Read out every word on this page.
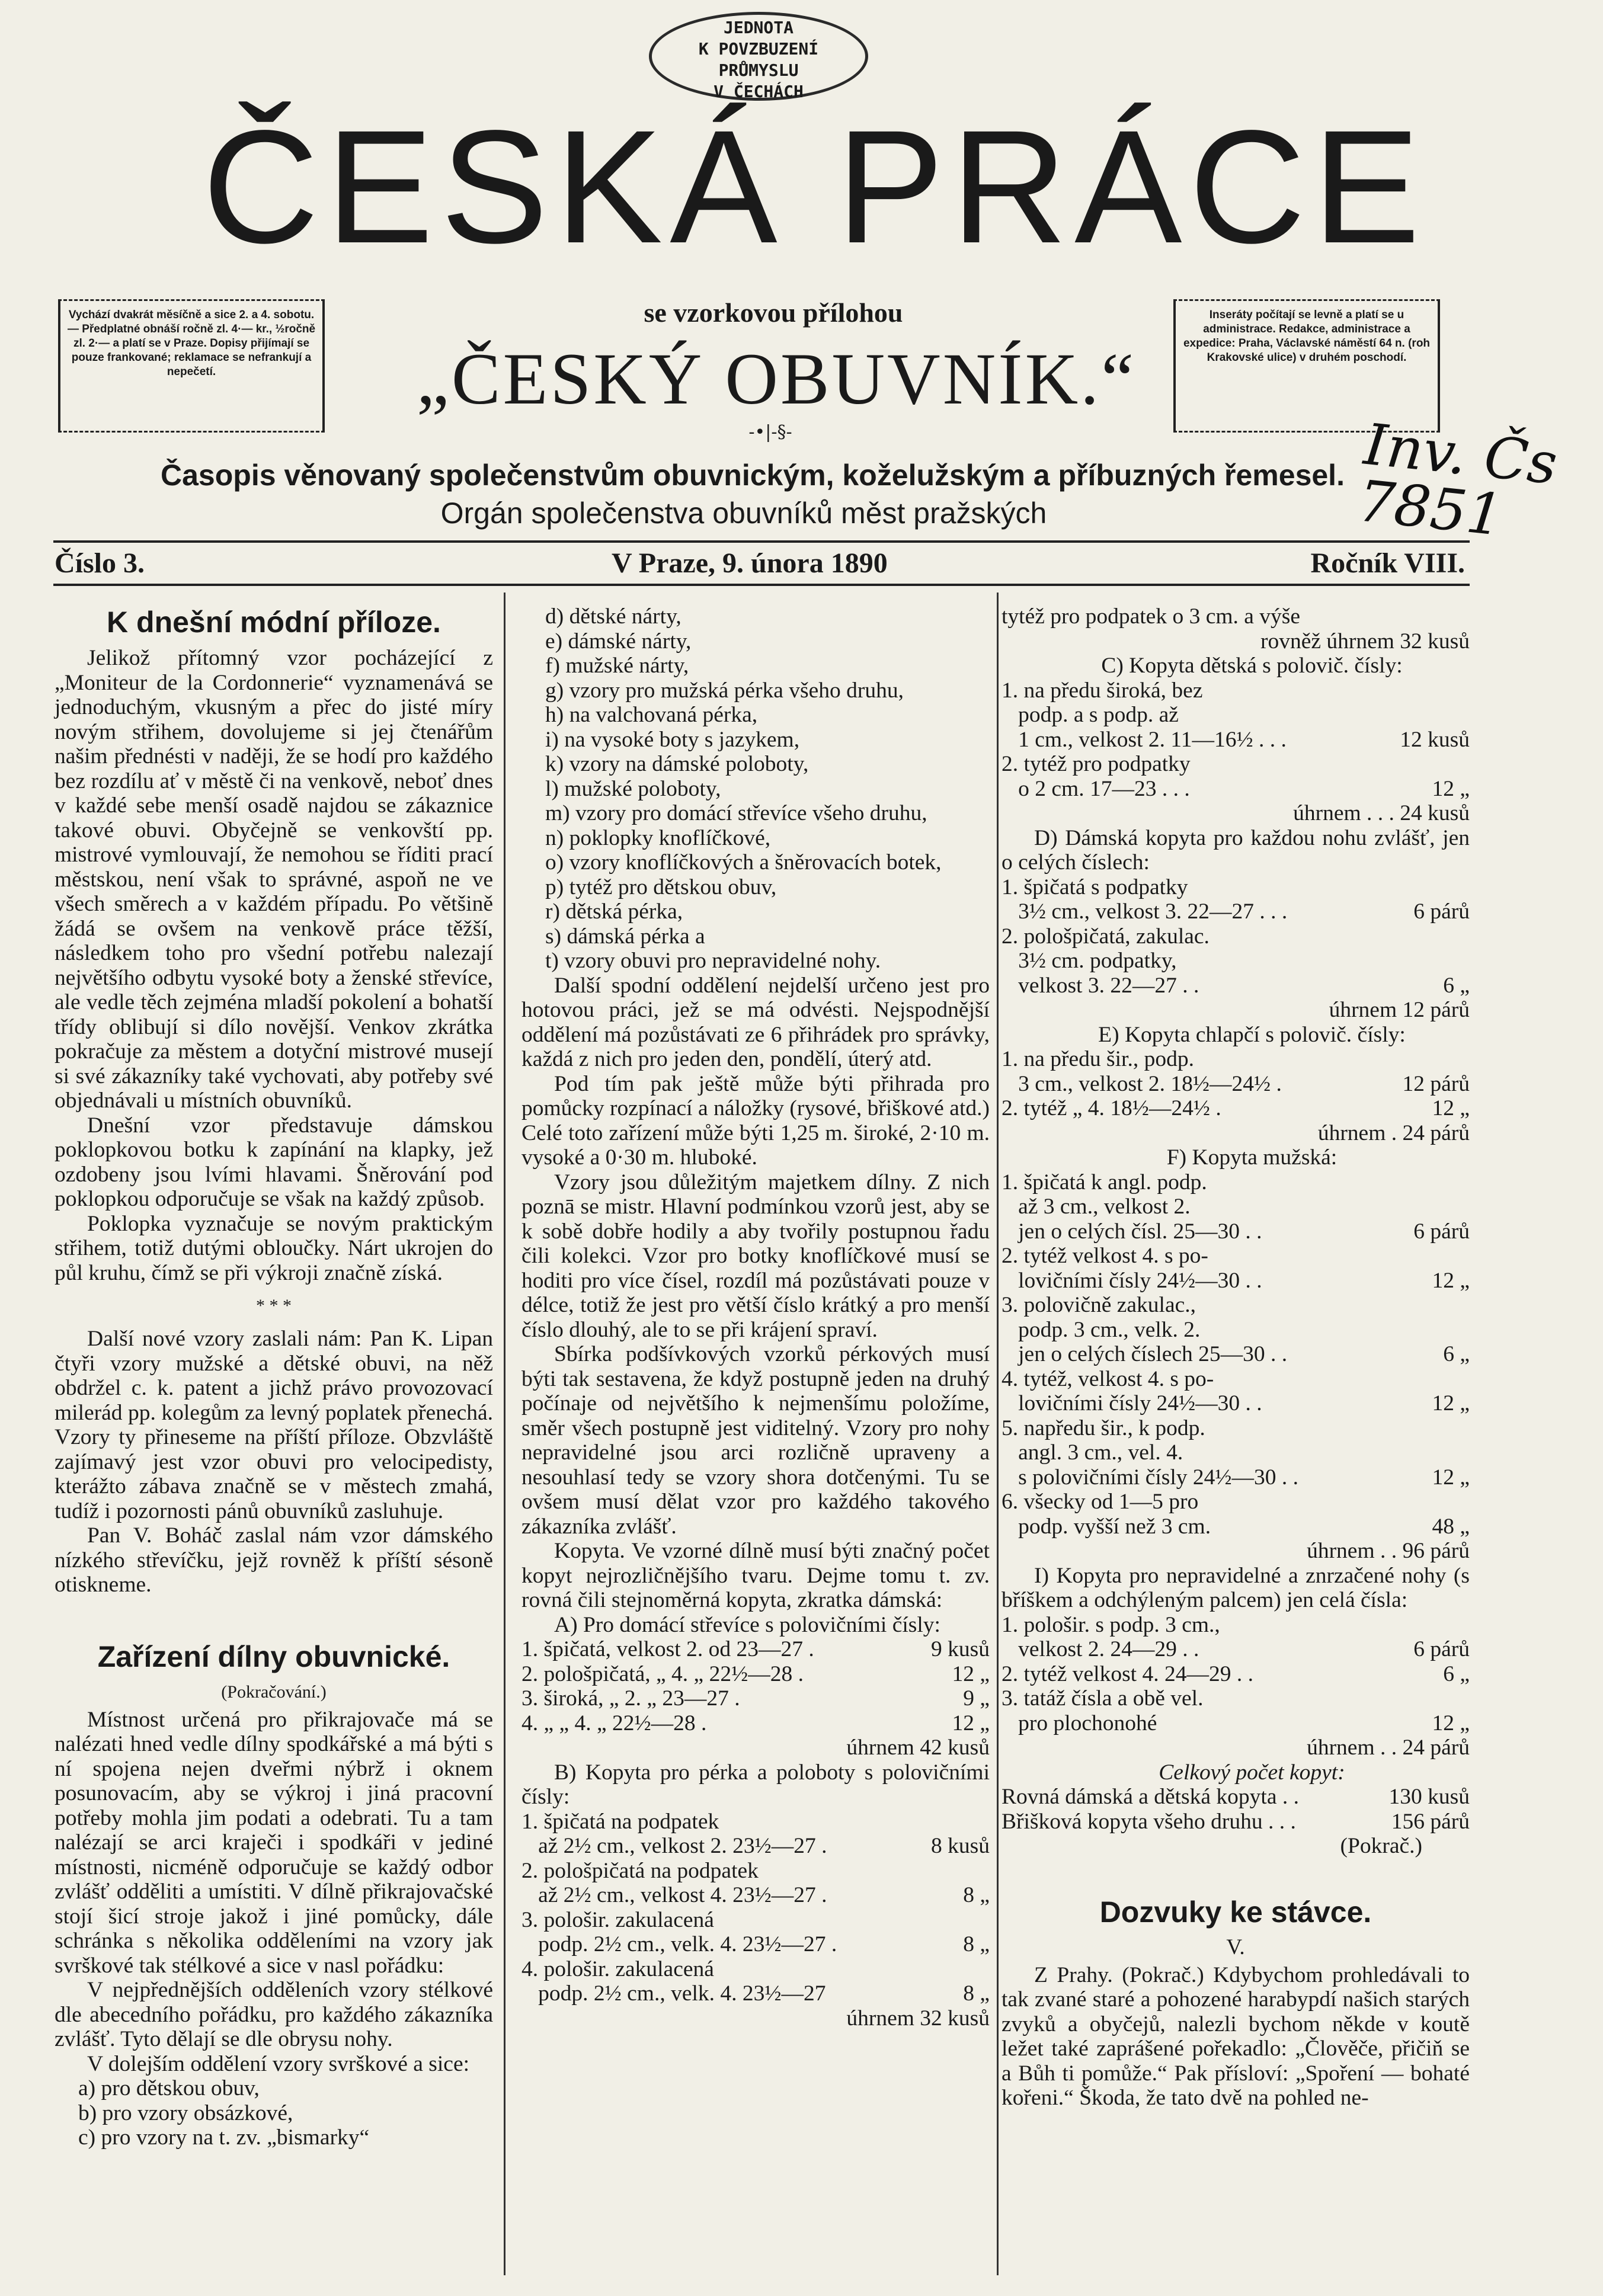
JEDNOTA
K POVZBUZENÍ
PRŮMYSLU
V ČECHÁCH
ČESKÁ PRÁCE
Vychází dvakrát měsíčně a sice 2. a 4. sobotu. — Předplatné obnáší ročně zl. 4·— kr., ½ročně zl. 2·— a platí se v Praze. Dopisy přijímají se pouze frankované; reklamace se nefrankují a nepečetí.
se vzorkovou přílohou
„ČESKÝ OBUVNÍK.“
Inseráty počítají se levně a platí se u administrace. Redakce, administrace a expedice: Praha, Václavské náměstí 64 n. (roh Krakovské ulice) v druhém poschodí.
-•|-§-	Inv. Čs 7851
Časopis věnovaný společenstvům obuvnickým, koželužským a příbuzných řemesel.
Orgán společenstva obuvníků měst pražských
Číslo 3.	V Praze, 9. února 1890	Ročník VIII.
K dnešní módní příloze.

Jelikož přítomný vzor pocházející z „Moniteur de la Cordonnerie“ vyznamenává se jednoduchým, vkusným a přec do jisté míry novým střihem, dovolujeme si jej čtenářům našim přednésti v naději, že se hodí pro každého bez rozdílu ať v městě či na venkově, neboť dnes v každé sebe menší osadě najdou se zákaznice takové obuvi. Obyčejně se venkovští pp. mistrové vymlouvají, že nemohou se říditi prací městskou, není však to správné, aspoň ne ve všech směrech a v každém případu. Po většině žádá se ovšem na venkově práce těžší, následkem toho pro všední potřebu nalezají největšího odbytu vysoké boty a ženské střevíce, ale vedle těch zejména mladší pokolení a bohatší třídy oblibují si dílo novější. Venkov zkrátka pokračuje za městem a dotyční mistrové musejí si své zákazníky také vychovati, aby potřeby své objednávali u místních obuvníků.

Dnešní vzor představuje dámskou poklopkovou botku k zapínání na klapky, jež ozdobeny jsou lvími hlavami. Šněrování pod poklopkou odporučuje se však na každý způsob.

Poklopka vyznačuje se novým praktickým střihem, totiž dutými obloučky. Nárt ukrojen do půl kruhu, čímž se při výkroji značně získá.

* * *

Další nové vzory zaslali nám: Pan K. Lipan čtyři vzory mužské a dětské obuvi, na něž obdržel c. k. patent a jichž právo provozovací milerád pp. kolegům za levný poplatek přenechá. Vzory ty přineseme na příští příloze. Obzvláště zajímavý jest vzor obuvi pro velocipedisty, kterážto zábava značně se v městech zmahá, tudíž i pozornosti pánů obuvníků zasluhuje.

Pan V. Boháč zaslal nám vzor dámského nízkého střevíčku, jejž rovněž k příští sésoně otiskneme.

Zařízení dílny obuvnické.
(Pokračování.)

Místnost určená pro přikrajovače má se nalézati hned vedle dílny spodkářské a má býti s ní spojena nejen dveřmi nýbrž i oknem posunovacím, aby se výkroj i jiná pracovní potřeby mohla jim podati a odebrati. Tu a tam nalézají se arci kraječi i spodkáři v jediné místnosti, nicméně odporučuje se každý odbor zvlášť odděliti a umístiti. V dílně přikrajovačské stojí šicí stroje jakož i jiné pomůcky, dále schránka s několika odděleními na vzory jak svrškové tak stélkové a sice v nasl pořádku:

V nejpřednějších odděleních vzory stélkové dle abecedního pořádku, pro každého zákazníka zvlášť. Tyto dělají se dle obrysu nohy.

V dolejším oddělení vzory svrškové a sice:

a) pro dětskou obuv,

b) pro vzory obsázkové,

c) pro vzory na t. zv. „bismarky“

d) dětské nárty,

e) dámské nárty,

f) mužské nárty,

g) vzory pro mužská pérka všeho druhu,

h) na valchovaná pérka,

i) na vysoké boty s jazykem,

k) vzory na dámské poloboty,

l) mužské poloboty,

m) vzory pro domácí střevíce všeho druhu,

n) poklopky knoflíčkové,

o) vzory knoflíčkových a šněrovacích botek,

p) tytéž pro dětskou obuv,

r) dětská pérka,

s) dámská pérka a

t) vzory obuvi pro nepravidelné nohy.

Další spodní oddělení nejdelší určeno jest pro hotovou práci, jež se má odvésti. Nejspodnější oddělení má pozůstávati ze 6 přihrádek pro správky, každá z nich pro jeden den, pondělí, úterý atd.

Pod tím pak ještě může býti přihrada pro pomůcky rozpínací a náložky (rysové, břiškové atd.) Celé toto zařízení může býti 1,25 m. široké, 2·10 m. vysoké a 0·30 m. hluboké.

Vzory jsou důležitým majetkem dílny. Z nich poznā se mistr. Hlavní podmínkou vzorů jest, aby se k sobě dobře hodily a aby tvořily postupnou řadu čili kolekci. Vzor pro botky knoflíčkové musí se hoditi pro více čísel, rozdíl má pozůstávati pouze v délce, totiž že jest pro větší číslo krátký a pro menší číslo dlouhý, ale to se při krájení spraví.

Sbírka podšívkových vzorků pérkových musí býti tak sestavena, že když postupně jeden na druhý počínaje od největšího k nejmenšímu položíme, směr všech postupně jest viditelný. Vzory pro nohy nepravidelné jsou arci rozličně upraveny a nesouhlasí tedy se vzory shora dotčenými. Tu se ovšem musí dělat vzor pro každého takového zákazníka zvlášť.

Kopyta. Ve vzorné dílně musí býti značný počet kopyt nejrozličnějšího tvaru. Dejme tomu t. zv. rovná čili stejnoměrná kopyta, zkratka dámská:

A) Pro domácí střevíce s polovičními čísly:

1. špičatá, velkost 2. od 23—27 .	9 kusů
2. pološpičatá, „ 4. „ 22½—28 .	12 „
3. široká, „ 2. „ 23—27 .	9 „
4. „ „ 4. „ 22½—28 .	12 „
úhrnem 42 kusů

B) Kopyta pro pérka a poloboty s polovičními čísly:

1. špičatá na podpatek
až 2½ cm., velkost 2. 23½—27 .	8 kusů
2. pološpičatá na podpatek
až 2½ cm., velkost 4. 23½—27 .	8 „
3. pološir. zakulacená
podp. 2½ cm., velk. 4. 23½—27 .	8 „
4. pološir. zakulacená
podp. 2½ cm., velk. 4. 23½—27	8 „
úhrnem 32 kusů

tytéž pro podpatek o 3 cm. a výše

rovněž úhrnem 32 kusů

C) Kopyta dětská s polovič. čísly:

1. na předu široká, bez
podp. a s podp. až
1 cm., velkost 2. 11—16½ . . .	12 kusů
2. tytéž pro podpatky
o 2 cm. 17—23 . . .	12 „
úhrnem . . . 24 kusů

D) Dámská kopyta pro každou nohu zvlášť, jen o celých číslech:

1. špičatá s podpatky
3½ cm., velkost 3. 22—27 . . .	6 párů
2. pološpičatá, zakulac.
3½ cm. podpatky,
velkost 3. 22—27 . .	6 „
úhrnem 12 párů

E) Kopyta chlapčí s polovič. čísly:

1. na předu šir., podp.
3 cm., velkost 2. 18½—24½ .	12 párů
2. tytéž „ 4. 18½—24½ .	12 „
úhrnem . 24 párů

F) Kopyta mužská:

1. špičatá k angl. podp.
až 3 cm., velkost 2.
jen o celých čísl. 25—30 . .	6 párů
2. tytéž velkost 4. s po-
lovičními čísly 24½—30 . .	12 „
3. polovičně zakulac.,
podp. 3 cm., velk. 2.
jen o celých číslech 25—30 . .	6 „
4. tytéž, velkost 4. s po-
lovičními čísly 24½—30 . .	12 „
5. napředu šir., k podp.
angl. 3 cm., vel. 4.
s polovičními čísly 24½—30 . .	12 „
6. všecky od 1—5 pro
podp. vyšší než 3 cm.	48 „
úhrnem . . 96 párů

I) Kopyta pro nepravidelné a znrzačené nohy (s bříškem a odchýleným palcem) jen celá čísla:

1. pološir. s podp. 3 cm.,
velkost 2. 24—29 . .	6 párů
2. tytéž velkost 4. 24—29 . .	6 „
3. tatáž čísla a obě vel.
pro plochonohé	12 „
úhrnem . . 24 párů

Celkový počet kopyt:

Rovná dámská a dětská kopyta . .	130 kusů
Břišková kopyta všeho druhu . . .	156 párů
(Pokrač.)
Dozvuky ke stávce.
V.

Z Prahy. (Pokrač.) Kdybychom prohledávali to tak zvané staré a pohozené harabурdí našich starých zvyků a obyčejů, nalezli bychom někde v koutě ležet také zaprášené pořekadlo: „Člověče, přičiň se a Bůh ti pomůže.“ Pak přísloví: „Spoření — bohaté kořeni.“ Škoda, že tato dvě na pohled ne-
